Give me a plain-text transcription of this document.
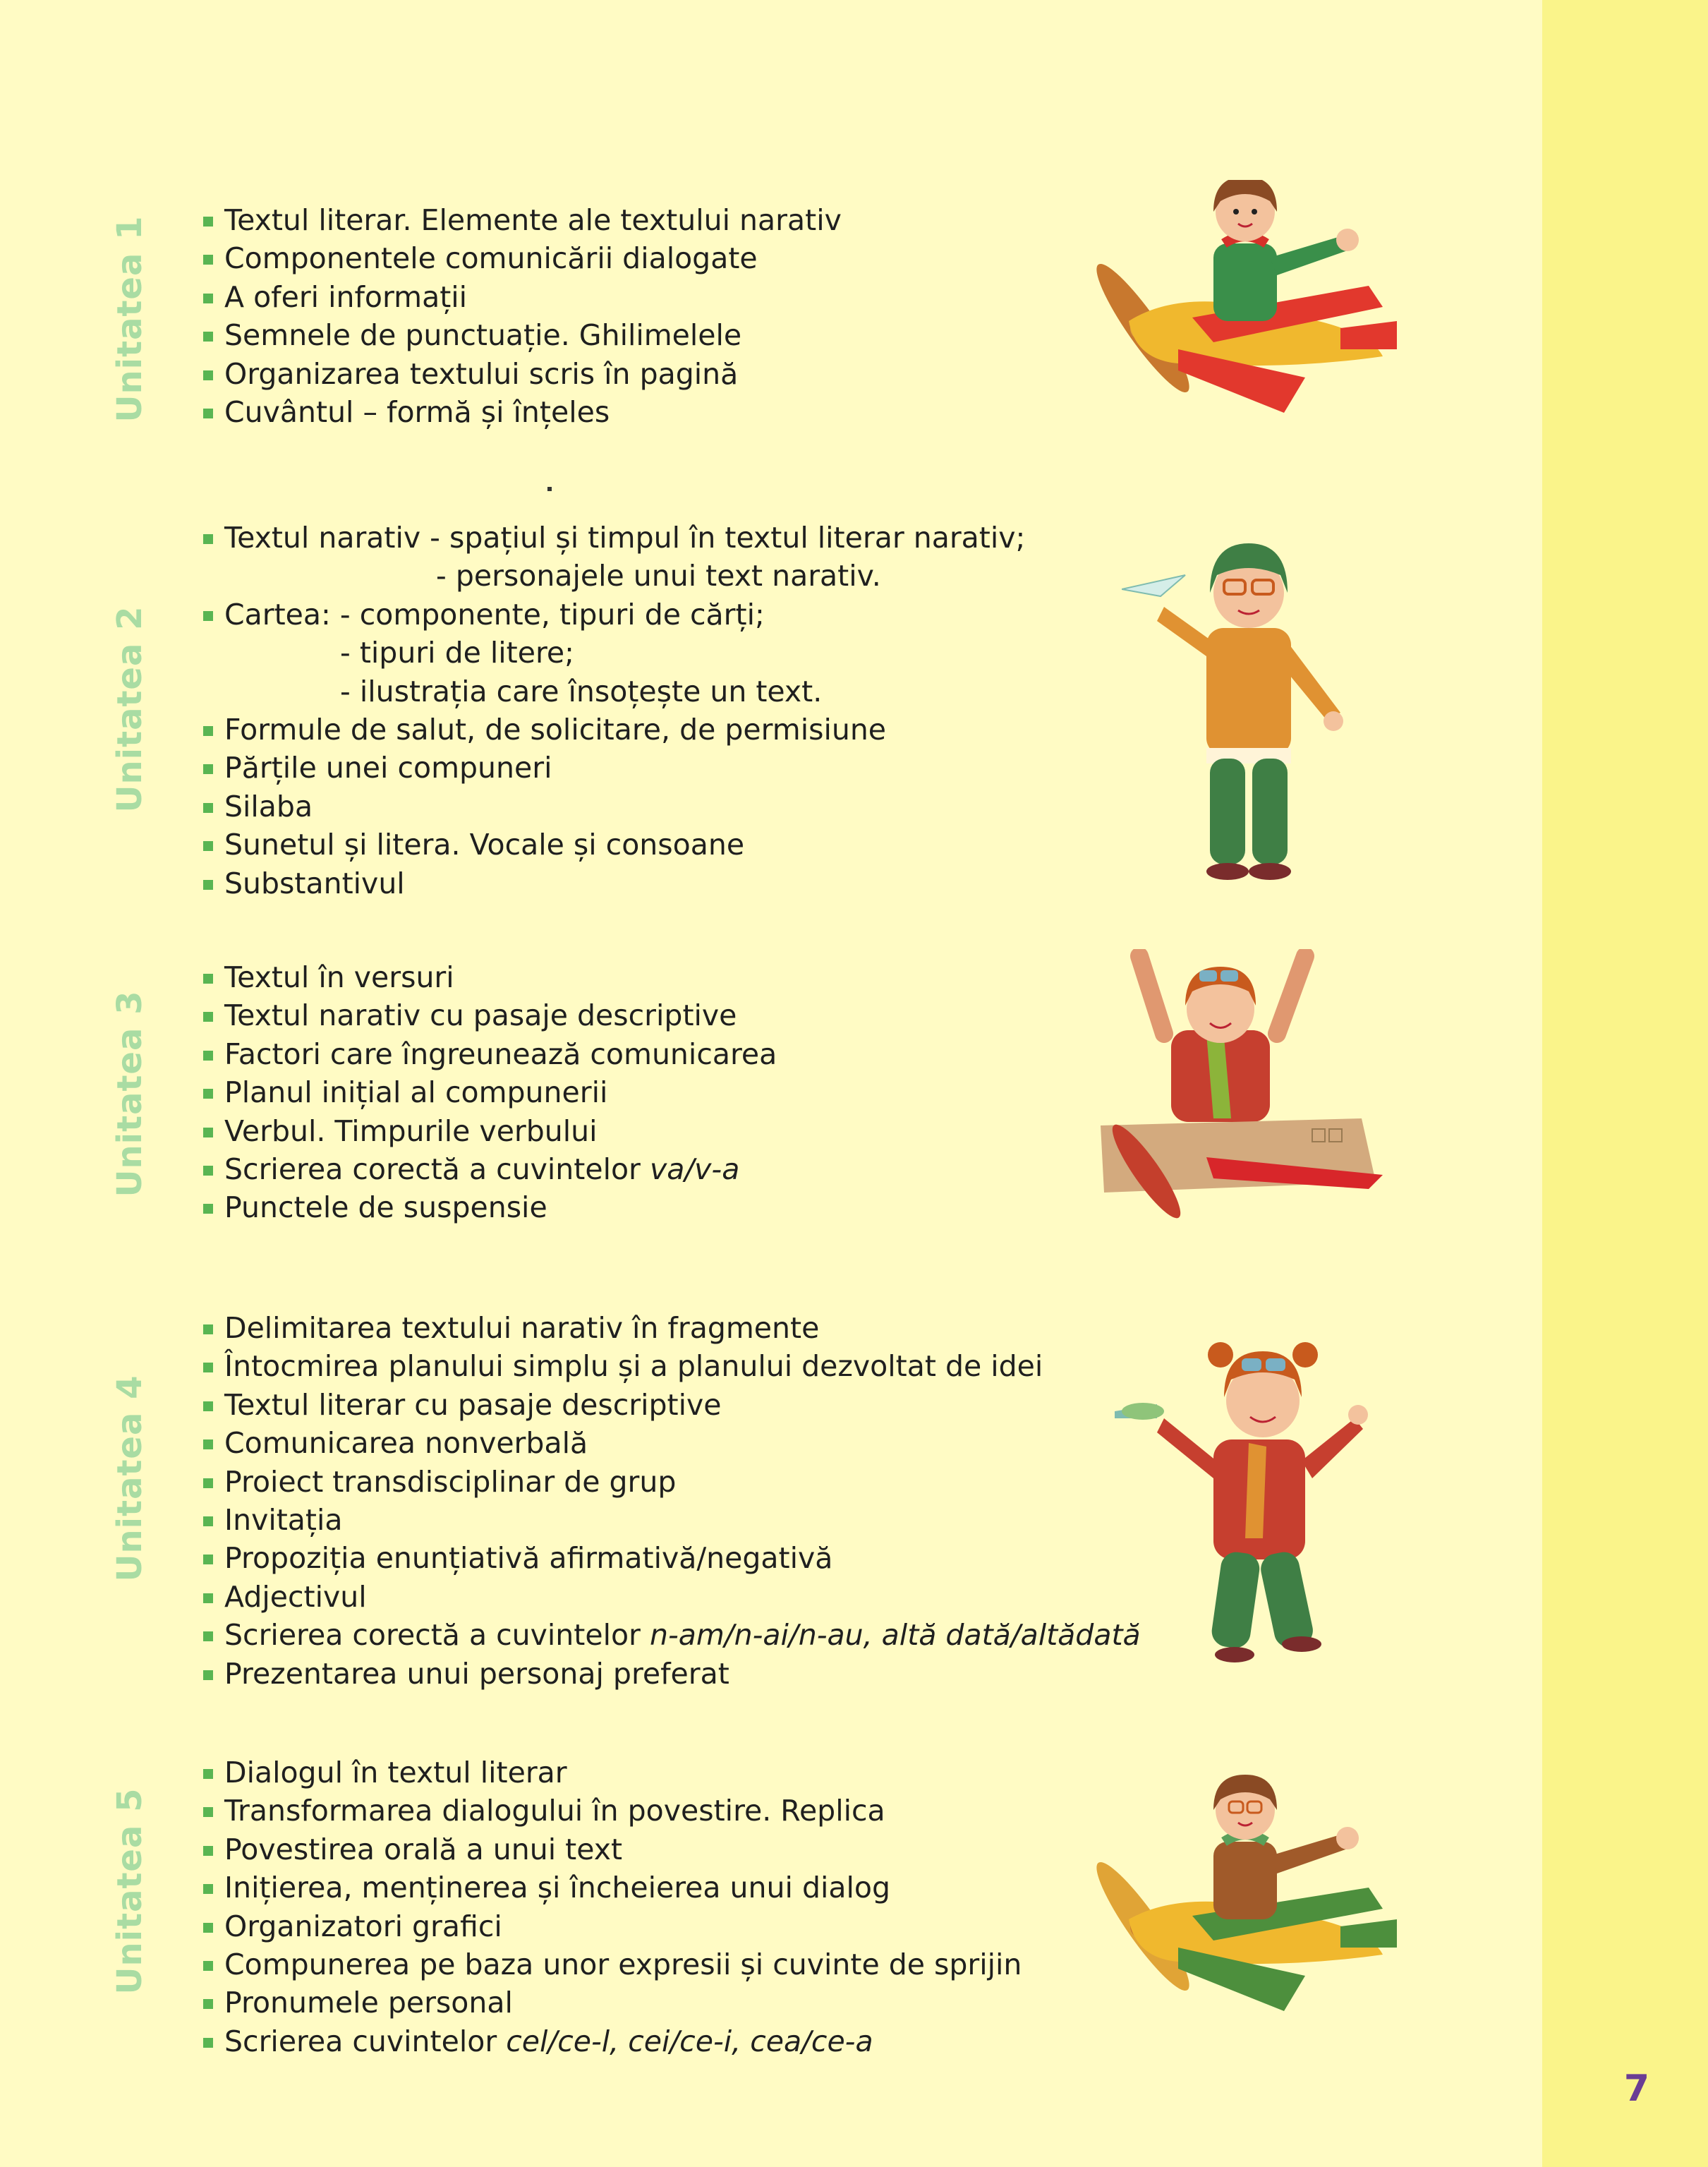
7
Unitatea 1
Unitatea 2
Unitatea 3
Unitatea 4
Unitatea 5
Textul literar. Elemente ale textului narativ
Componentele comunicării dialogate
A oferi informații
Semnele de punctuație. Ghilimelele
Organizarea textului scris în pagină
Cuvântul – formă și înțeles
Textul narativ - spațiul și timpul în textul literar narativ;
- personajele unui text narativ.
Cartea: - componente, tipuri de cărți;
- tipuri de litere;
- ilustrația care însoțește un text.
Formule de salut, de solicitare, de permisiune
Părțile unei compuneri
Silaba
Sunetul și litera. Vocale și consoane
Substantivul
Textul în versuri
Textul narativ cu pasaje descriptive
Factori care îngreunează comunicarea
Planul inițial al compunerii
Verbul. Timpurile verbului
Scrierea corectă a cuvintelor va/v-a
Punctele de suspensie
Delimitarea textului narativ în fragmente
Întocmirea planului simplu și a planului dezvoltat de idei
Textul literar cu pasaje descriptive
Comunicarea nonverbală
Proiect transdisciplinar de grup
Invitația
Propoziția enunțiativă afirmativă/negativă
Adjectivul
Scrierea corectă a cuvintelor n-am/n-ai/n-au, altă dată/altădată
Prezentarea unui personaj preferat
Dialogul în textul literar
Transformarea dialogului în povestire. Replica
Povestirea orală a unui text
Inițierea, menținerea și încheierea unui dialog
Organizatori grafici
Compunerea pe baza unor expresii și cuvinte de sprijin
Pronumele personal
Scrierea cuvintelor cel/ce-l, cei/ce-i, cea/ce-a
